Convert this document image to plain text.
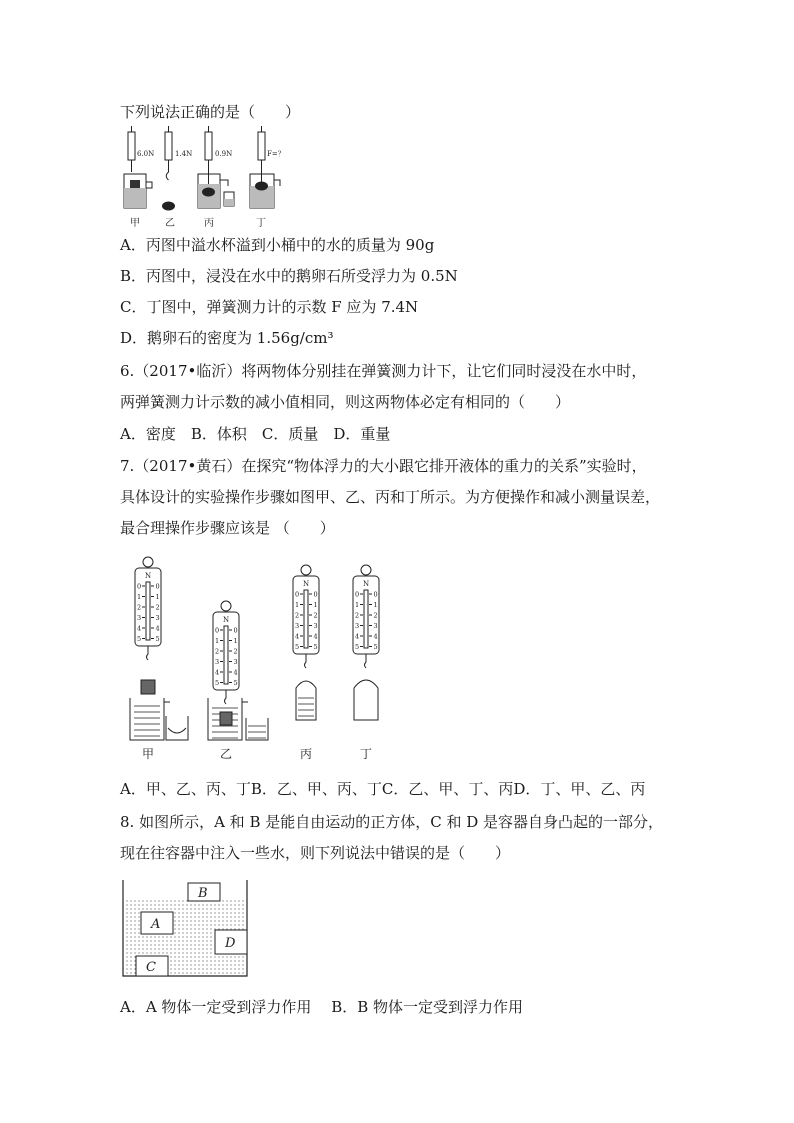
下列说法正确的是（　　）

6.0N	1.4N	0.9N	F=？
甲	乙	丙	丁

A．丙图中溢水杯溢到小桶中的水的质量为 90g

B．丙图中，浸没在水中的鹅卵石所受浮力为 0.5N

C．丁图中，弹簧测力计的示数 F 应为 7.4N

D．鹅卵石的密度为 1.56g/cm³

6.（2017•临沂）将两物体分别挂在弹簧测力计下，让它们同时浸没在水中时，

两弹簧测力计示数的减小值相同，则这两物体必定有相同的（　　）

A．密度　B．体积　C．质量　D．重量

7.（2017•黄石）在探究“物体浮力的大小跟它排开液体的重力的关系”实验时，

具体设计的实验操作步骤如图甲、乙、丙和丁所示。为方便操作和减小测量误差，

最合理操作步骤应该是 （　　）

N
0 0
1 1
2 2
3 3
4 4
5 5
甲
N
0 0
1 1
2 2
3 3
4 4
5 5
乙
N
0 0
1 1
2 2
3 3
4 4
5 5
丙
N
0 0
1 1
2 2
3 3
4 4
5 5
丁

A．甲、乙、丙、丁B．乙、甲、丙、丁C．乙、甲、丁、丙D．丁、甲、乙、丙

8. 如图所示，A 和 B 是能自由运动的正方体，C 和 D 是容器自身凸起的一部分，

现在往容器中注入一些水，则下列说法中错误的是（　　）

B
A
D
C

A．A 物体一定受到浮力作用　 B．B 物体一定受到浮力作用
